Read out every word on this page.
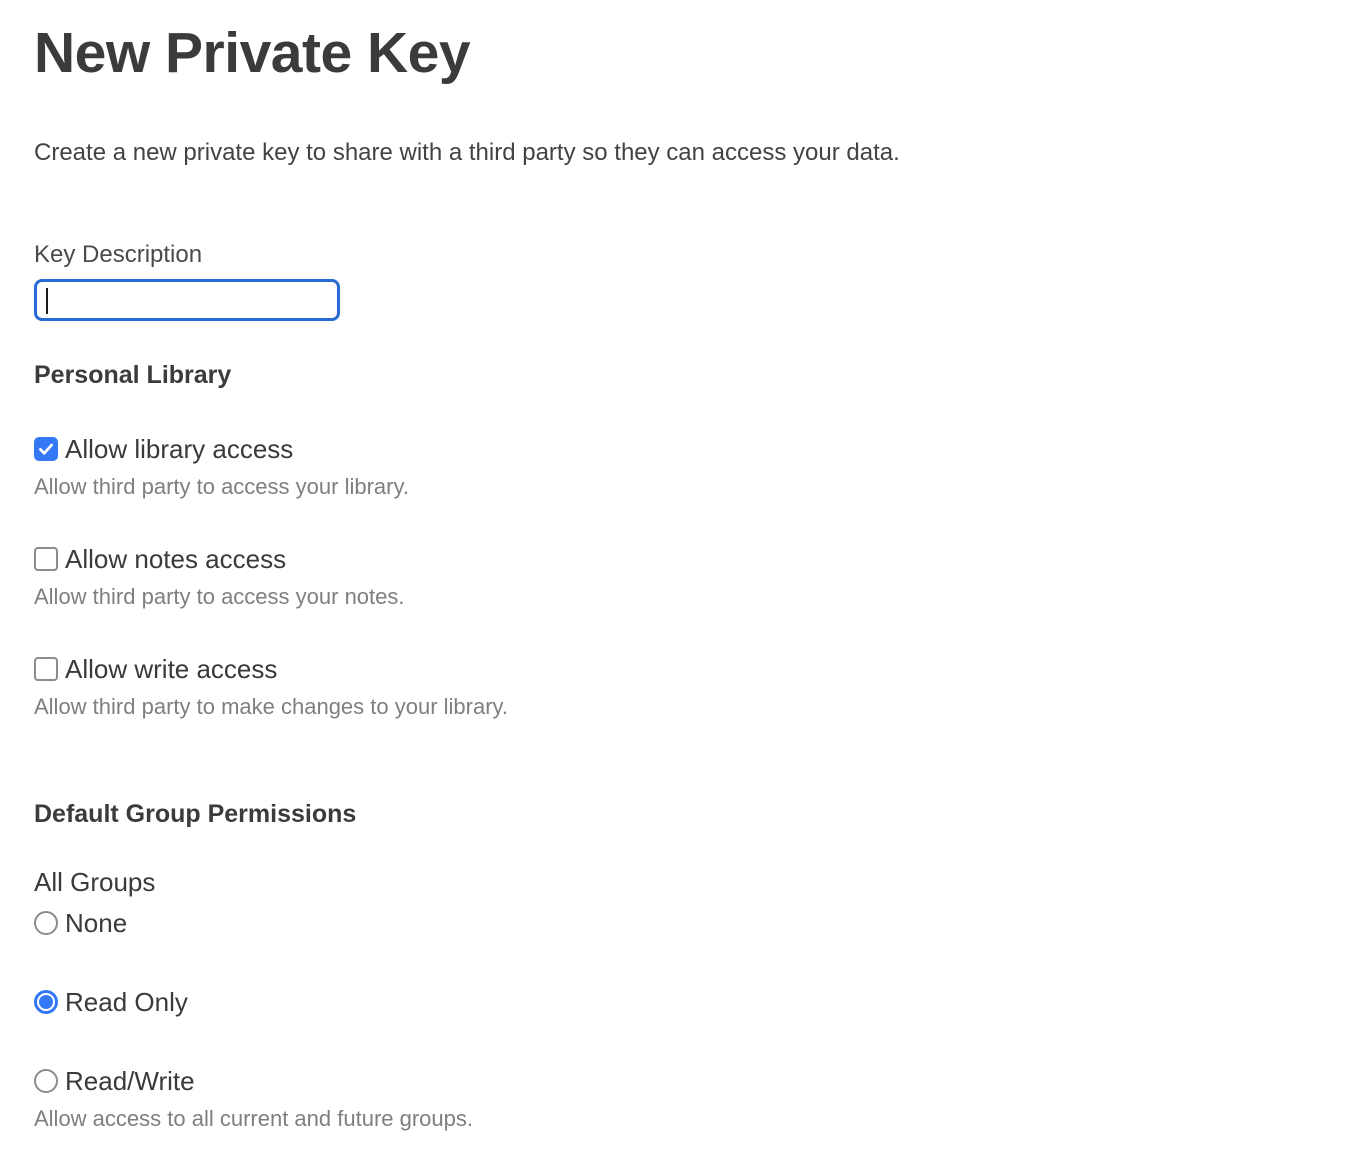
New Private Key

Create a new private key to share with a third party so they can access your data.

Key Description
Personal Library
Allow library access

Allow third party to access your library.

Allow notes access

Allow third party to access your notes.

Allow write access

Allow third party to make changes to your library.

Default Group Permissions

All Groups

None
Read Only
Read/Write

Allow access to all current and future groups.
